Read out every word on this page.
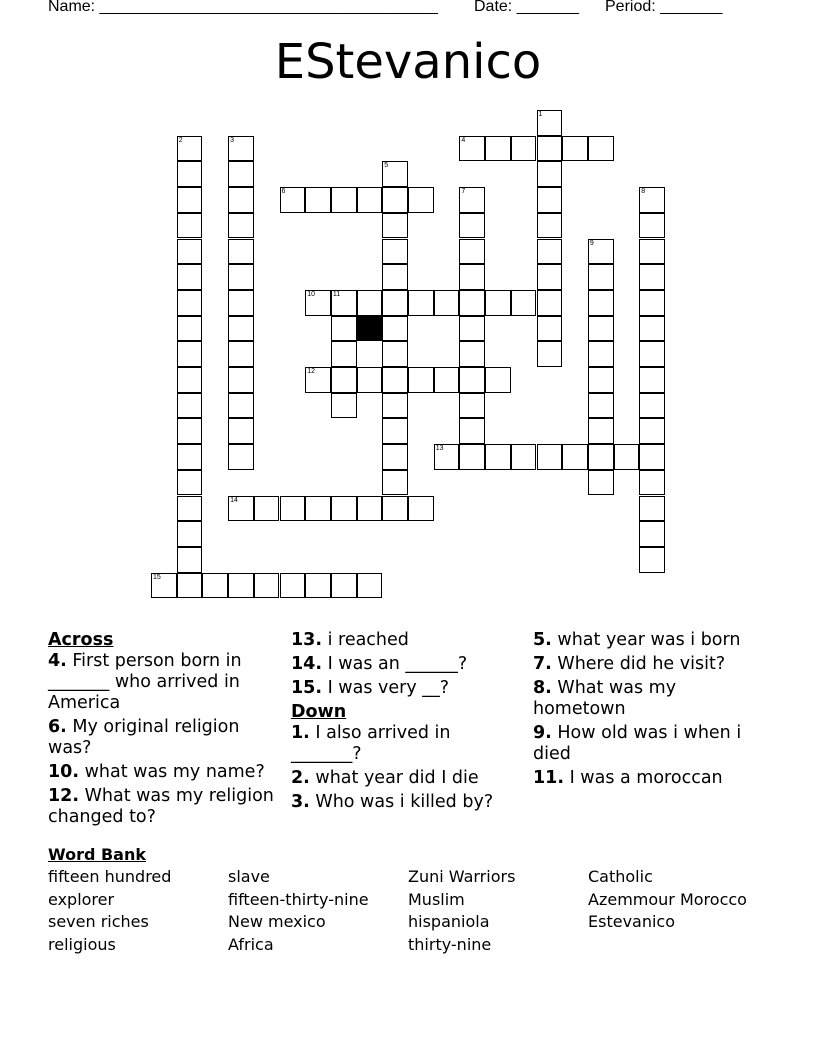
Name: ______________________________________

Date: _______

Period: _______

EStevanico
1
2	3	4
5
6	7	8
9
10	11
12
13
14
15
Across
4. First person born in _______ who arrived in America
6. My original religion was?
10. what was my name?
12. What was my religion changed to?
13. i reached
14. I was an ______?
15. I was very __?
Down
1. I also arrived in _______?
2. what year did I die
3. Who was i killed by?
5. what year was i born
7. Where did he visit?
8. What was my hometown
9. How old was i when i died
11. I was a moroccan
Word Bank
fifteen hundred
explorer
seven riches
religious
slave
fifteen-thirty-nine
New mexico
Africa
Zuni Warriors
Muslim
hispaniola
thirty-nine
Catholic
Azemmour Morocco
Estevanico
